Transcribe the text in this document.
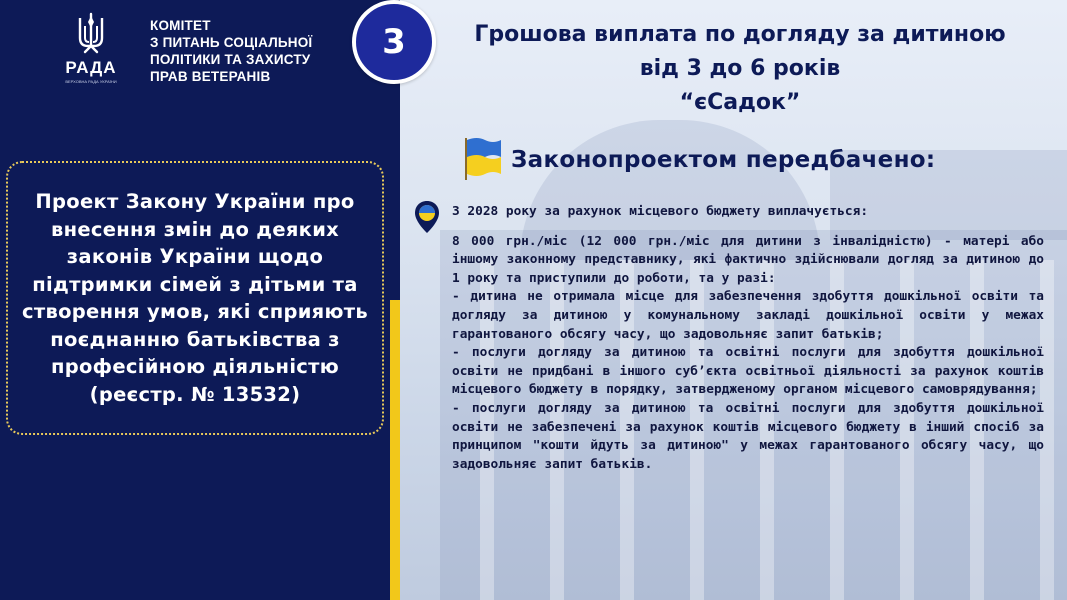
РАДА
ВЕРХОВНА РАДА УКРАЇНИ
КОМІТЕТ
З ПИТАНЬ СОЦІАЛЬНОЇ
ПОЛІТИКИ ТА ЗАХИСТУ
ПРАВ ВЕТЕРАНІВ
Проект Закону України про внесення змін до деяких законів України щодо підтримки сімей з дітьми та створення умов, які сприяють поєднанню батьківства з професійною діяльністю (реєстр. № 13532)
3	Грошова виплата по догляду за дитиною
від 3 до 6 років
“єСадок”
Законопроектом передбачено:

З 2028 року за рахунок місцевого бюджету виплачується:

8 000 грн./міс (12 000 грн./міс для дитини з інвалідністю) - матері або іншому законному представнику, які фактично здійснювали догляд за дитиною до 1 року та приступили до роботи, та у разі:

- дитина не отримала місце для забезпечення здобуття дошкільної освіти та догляду за дитиною у комунальному закладі дошкільної освіти у межах гарантованого обсягу часу, що задовольняє запит батьків;

- послуги догляду за дитиною та освітні послуги для здобуття дошкільної освіти не придбані в іншого суб’єкта освітньої діяльності за рахунок коштів місцевого бюджету в порядку, затвердженому органом місцевого самоврядування;

- послуги догляду за дитиною та освітні послуги для здобуття дошкільної освіти не забезпечені за рахунок коштів місцевого бюджету в інший спосіб за принципом "кошти йдуть за дитиною" у межах гарантованого обсягу часу, що задовольняє запит батьків.
